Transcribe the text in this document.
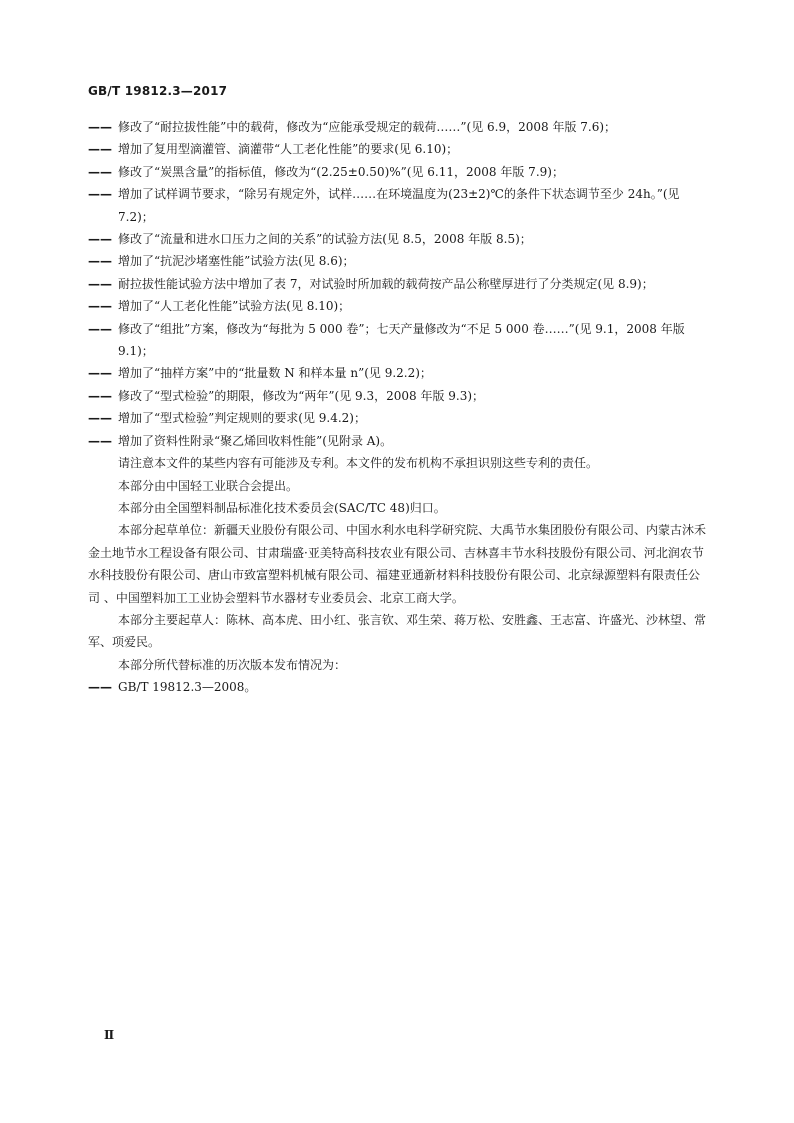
GB/T 19812.3—2017

—— 修改了“耐拉拔性能”中的载荷，修改为“应能承受规定的载荷……”(见 6.9，2008 年版 7.6)；

—— 增加了复用型滴灌管、滴灌带“人工老化性能”的要求(见 6.10)；

—— 修改了“炭黑含量”的指标值，修改为“(2.25±0.50)%”(见 6.11，2008 年版 7.9)；

—— 增加了试样调节要求，“除另有规定外，试样……在环境温度为(23±2)℃的条件下状态调节至少 24h。”(见 7.2)；

—— 修改了“流量和进水口压力之间的关系”的试验方法(见 8.5，2008 年版 8.5)；

—— 增加了“抗泥沙堵塞性能”试验方法(见 8.6)；

—— 耐拉拔性能试验方法中增加了表 7，对试验时所加载的载荷按产品公称壁厚进行了分类规定(见 8.9)；

—— 增加了“人工老化性能”试验方法(见 8.10)；

—— 修改了“组批”方案，修改为“每批为 5 000 卷”；七天产量修改为“不足 5 000 卷……”(见 9.1，2008 年版 9.1)；

—— 增加了“抽样方案”中的“批量数 N 和样本量 n”(见 9.2.2)；

—— 修改了“型式检验”的期限，修改为“两年”(见 9.3，2008 年版 9.3)；

—— 增加了“型式检验”判定规则的要求(见 9.4.2)；

—— 增加了资料性附录“聚乙烯回收料性能”(见附录 A)。

请注意本文件的某些内容有可能涉及专利。本文件的发布机构不承担识别这些专利的责任。

本部分由中国轻工业联合会提出。

本部分由全国塑料制品标准化技术委员会(SAC/TC 48)归口。

本部分起草单位：新疆天业股份有限公司、中国水利水电科学研究院、大禹节水集团股份有限公司、内蒙古沐禾金土地节水工程设备有限公司、甘肃瑞盛·亚美特高科技农业有限公司、吉林喜丰节水科技股份有限公司、河北润农节水科技股份有限公司、唐山市致富塑料机械有限公司、福建亚通新材料科技股份有限公司、北京绿源塑料有限责任公司 、中国塑料加工工业协会塑料节水器材专业委员会、北京工商大学。

本部分主要起草人：陈林、高本虎、田小红、张言钦、邓生荣、蒋万松、安胜鑫、王志富、许盛光、沙林望、常军、项爱民。

本部分所代替标准的历次版本发布情况为：

—— GB/T 19812.3—2008。

Ⅱ
